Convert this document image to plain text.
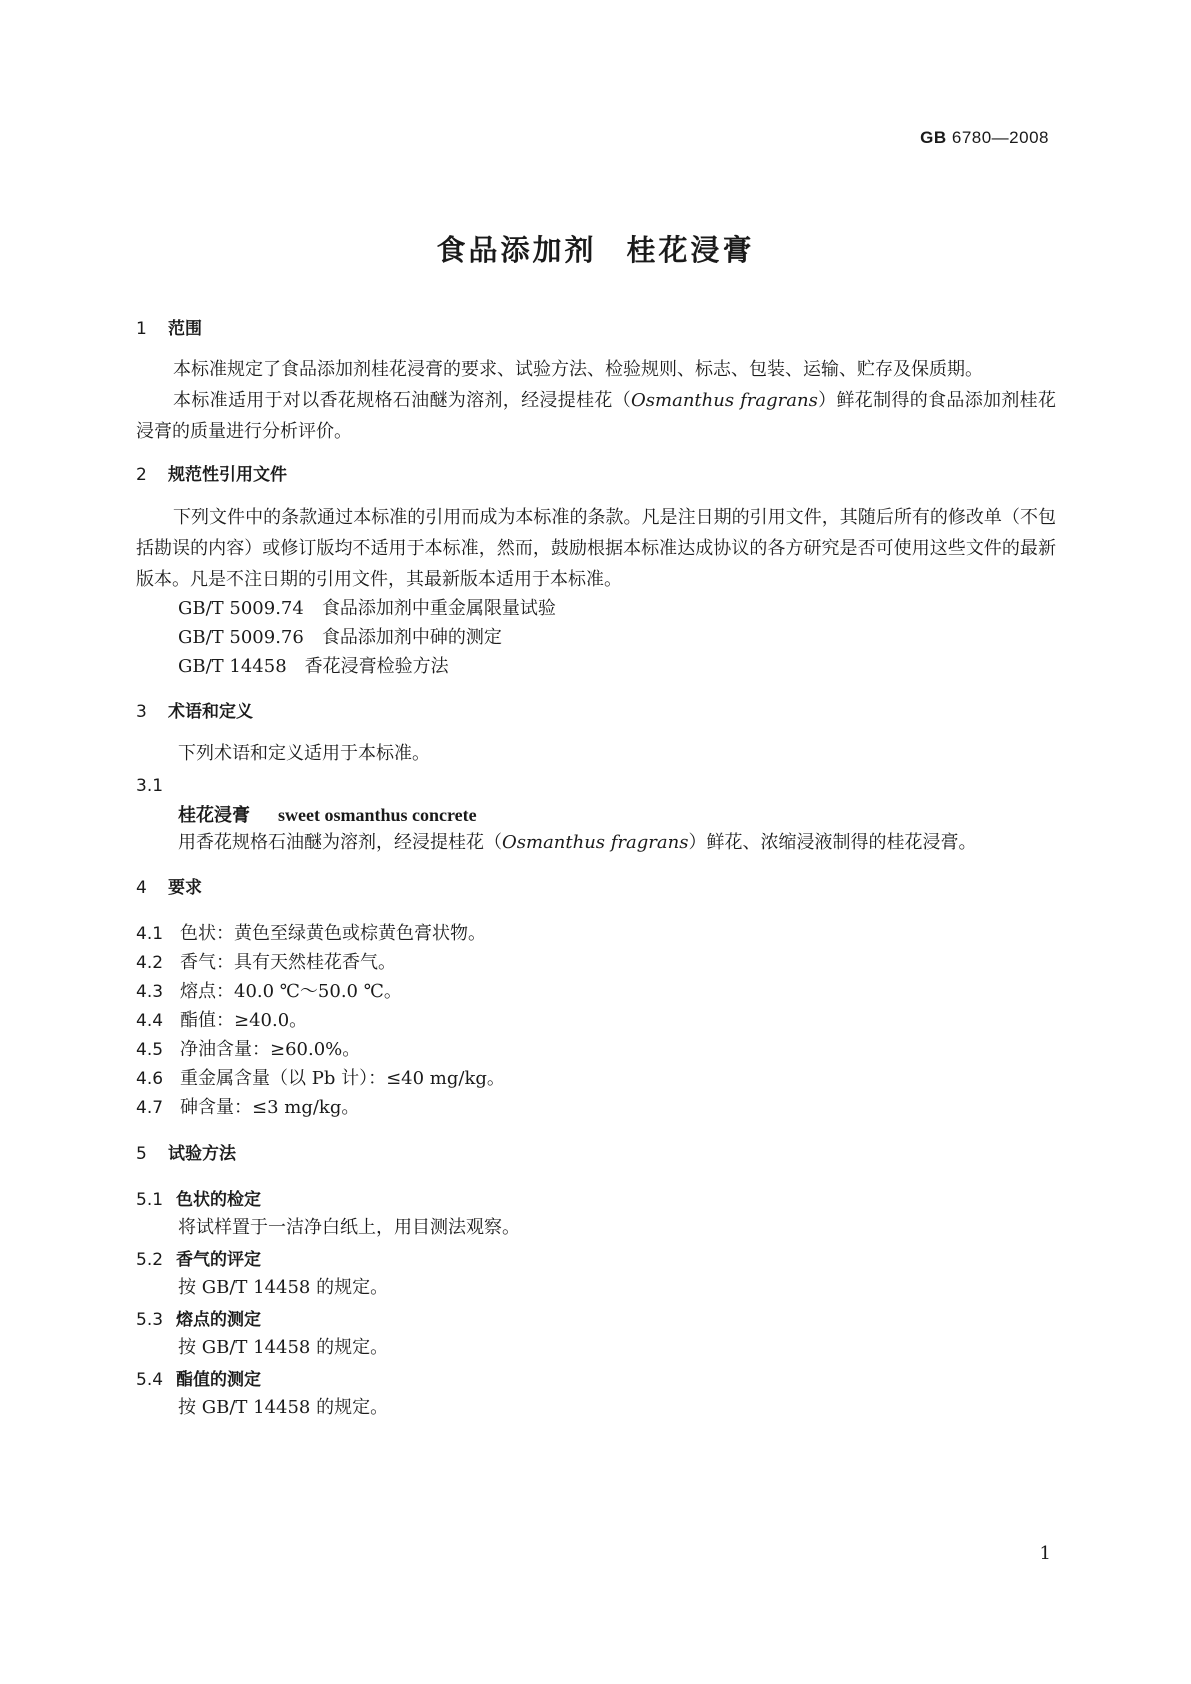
GB 6780—2008
食品添加剂 桂花浸膏
1 范围
本标准规定了食品添加剂桂花浸膏的要求、试验方法、检验规则、标志、包装、运输、贮存及保质期。
本标准适用于对以香花规格石油醚为溶剂，经浸提桂花（Osmanthus fragrans）鲜花制得的食品添加剂桂花浸膏的质量进行分析评价。
2 规范性引用文件
下列文件中的条款通过本标准的引用而成为本标准的条款。凡是注日期的引用文件，其随后所有的修改单（不包括勘误的内容）或修订版均不适用于本标准，然而，鼓励根据本标准达成协议的各方研究是否可使用这些文件的最新版本。凡是不注日期的引用文件，其最新版本适用于本标准。
GB/T 5009.74 食品添加剂中重金属限量试验
GB/T 5009.76 食品添加剂中砷的测定
GB/T 14458 香花浸膏检验方法
3 术语和定义
下列术语和定义适用于本标准。
3.1
桂花浸膏 sweet osmanthus concrete
用香花规格石油醚为溶剂，经浸提桂花（Osmanthus fragrans）鲜花、浓缩浸液制得的桂花浸膏。
4 要求
4.1 色状：黄色至绿黄色或棕黄色膏状物。
4.2 香气：具有天然桂花香气。
4.3 熔点：40.0 ℃～50.0 ℃。
4.4 酯值：≥40.0。
4.5 净油含量：≥60.0%。
4.6 重金属含量（以 Pb 计）：≤40 mg/kg。
4.7 砷含量：≤3 mg/kg。
5 试验方法
5.1 色状的检定
将试样置于一洁净白纸上，用目测法观察。
5.2 香气的评定
按 GB/T 14458 的规定。
5.3 熔点的测定
按 GB/T 14458 的规定。
5.4 酯值的测定
按 GB/T 14458 的规定。
1
